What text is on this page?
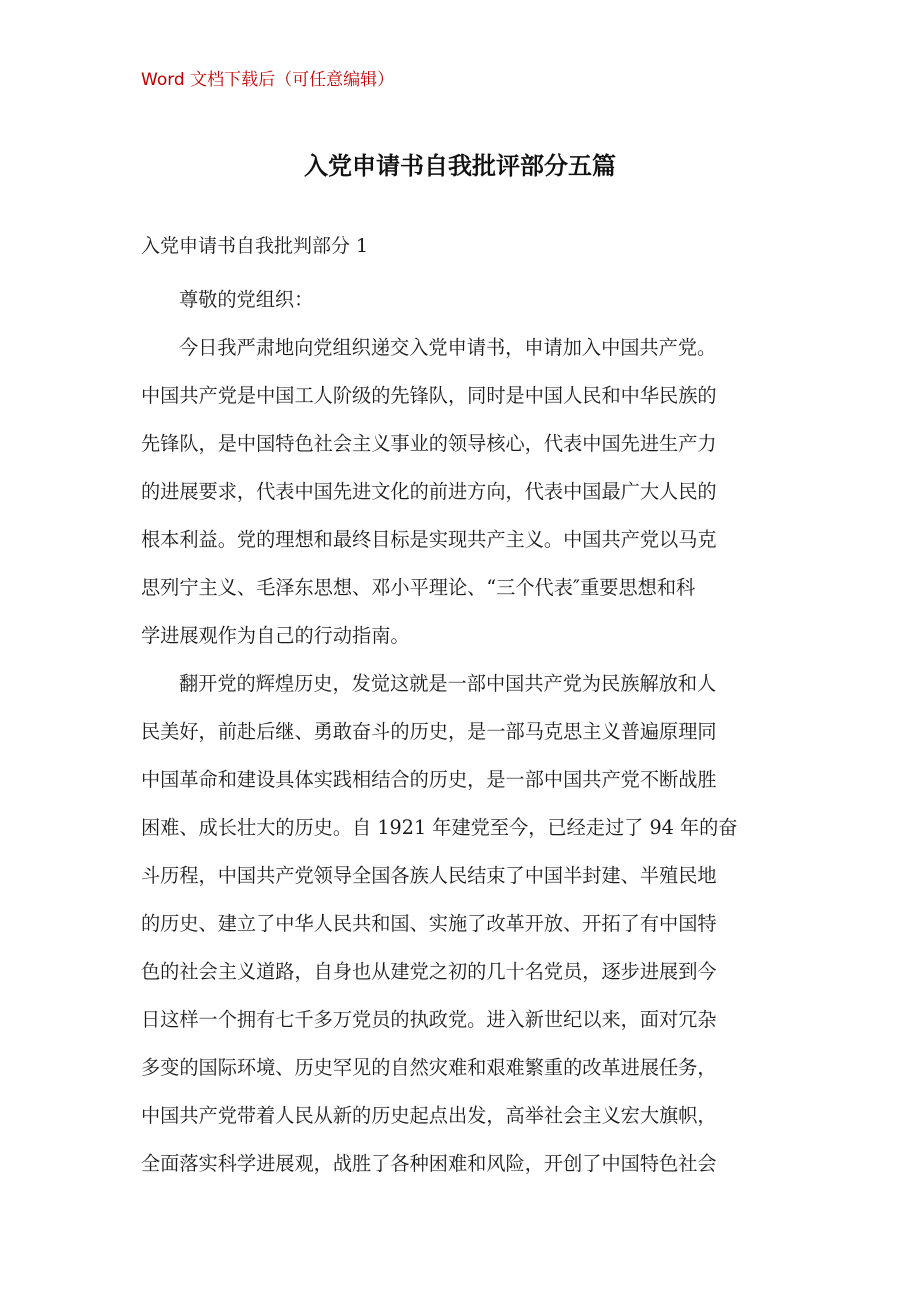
Word 文档下载后（可任意编辑）
入党申请书自我批评部分五篇
入党申请书自我批判部分 1

尊敬的党组织：

今日我严肃地向党组织递交入党申请书，申请加入中国共产党。
中国共产党是中国工人阶级的先锋队，同时是中国人民和中华民族的
先锋队，是中国特色社会主义事业的领导核心，代表中国先进生产力
的进展要求，代表中国先进文化的前进方向，代表中国最广大人民的
根本利益。党的理想和最终目标是实现共产主义。中国共产党以马克
思列宁主义、毛泽东思想、邓小平理论、“三个代表″重要思想和科
学进展观作为自己的行动指南。

翻开党的辉煌历史，发觉这就是一部中国共产党为民族解放和人
民美好，前赴后继、勇敢奋斗的历史，是一部马克思主义普遍原理同
中国革命和建设具体实践相结合的历史，是一部中国共产党不断战胜
困难、成长壮大的历史。自 1921 年建党至今，已经走过了 94 年的奋
斗历程，中国共产党领导全国各族人民结束了中国半封建、半殖民地
的历史、建立了中华人民共和国、实施了改革开放、开拓了有中国特
色的社会主义道路，自身也从建党之初的几十名党员，逐步进展到今
日这样一个拥有七千多万党员的执政党。进入新世纪以来，面对冗杂
多变的国际环境、历史罕见的自然灾难和艰难繁重的改革进展任务，
中国共产党带着人民从新的历史起点出发，高举社会主义宏大旗帜，
全面落实科学进展观，战胜了各种困难和风险，开创了中国特色社会
